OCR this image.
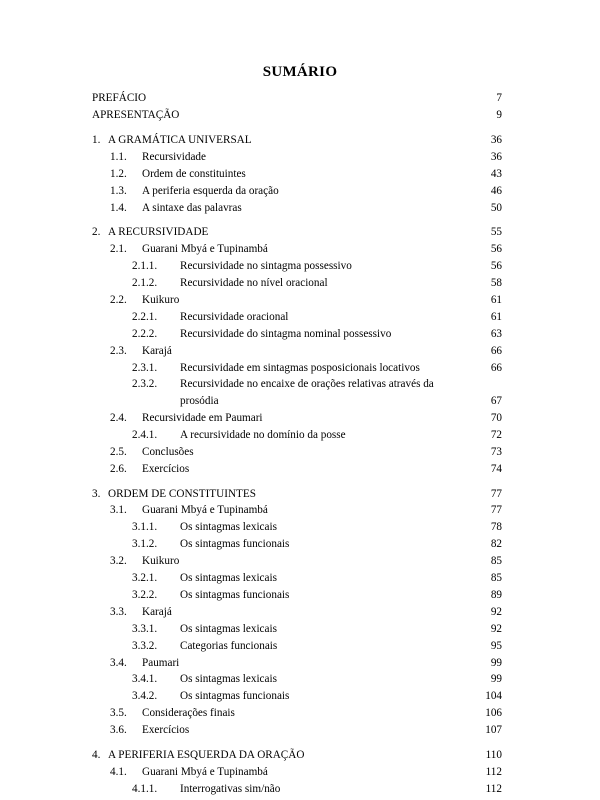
SUMÁRIO
PREFÁCIO	7
APRESENTAÇÃO	9
1. A GRAMÁTICA UNIVERSAL	36
1.1.	Recursividade	36
1.2.	Ordem de constituintes	43
1.3.	A periferia esquerda da oração	46
1.4.	A sintaxe das palavras	50
2. A RECURSIVIDADE	55
2.1.	Guarani Mbyá e Tupinambá	56
2.1.1.	Recursividade no sintagma possessivo	56
2.1.2.	Recursividade no nível oracional	58
2.2.	Kuikuro	61
2.2.1.	Recursividade oracional	61
2.2.2.	Recursividade do sintagma nominal possessivo	63
2.3.	Karajá	66
2.3.1.	Recursividade em sintagmas posposicionais locativos	66
2.3.2.	Recursividade no encaixe de orações relativas através da
prosódia	67
2.4.	Recursividade em Paumari	70
2.4.1.	A recursividade no domínio da posse	72
2.5.	Conclusões	73
2.6.	Exercícios	74
3. ORDEM DE CONSTITUINTES	77
3.1.	Guarani Mbyá e Tupinambá	77
3.1.1.	Os sintagmas lexicais	78
3.1.2.	Os sintagmas funcionais	82
3.2.	Kuikuro	85
3.2.1.	Os sintagmas lexicais	85
3.2.2.	Os sintagmas funcionais	89
3.3.	Karajá	92
3.3.1.	Os sintagmas lexicais	92
3.3.2.	Categorias funcionais	95
3.4.	Paumari	99
3.4.1.	Os sintagmas lexicais	99
3.4.2.	Os sintagmas funcionais	104
3.5.	Considerações finais	106
3.6.	Exercícios	107
4. A PERIFERIA ESQUERDA DA ORAÇÃO	110
4.1.	Guarani Mbyá e Tupinambá	112
4.1.1.	Interrogativas sim/não	112
